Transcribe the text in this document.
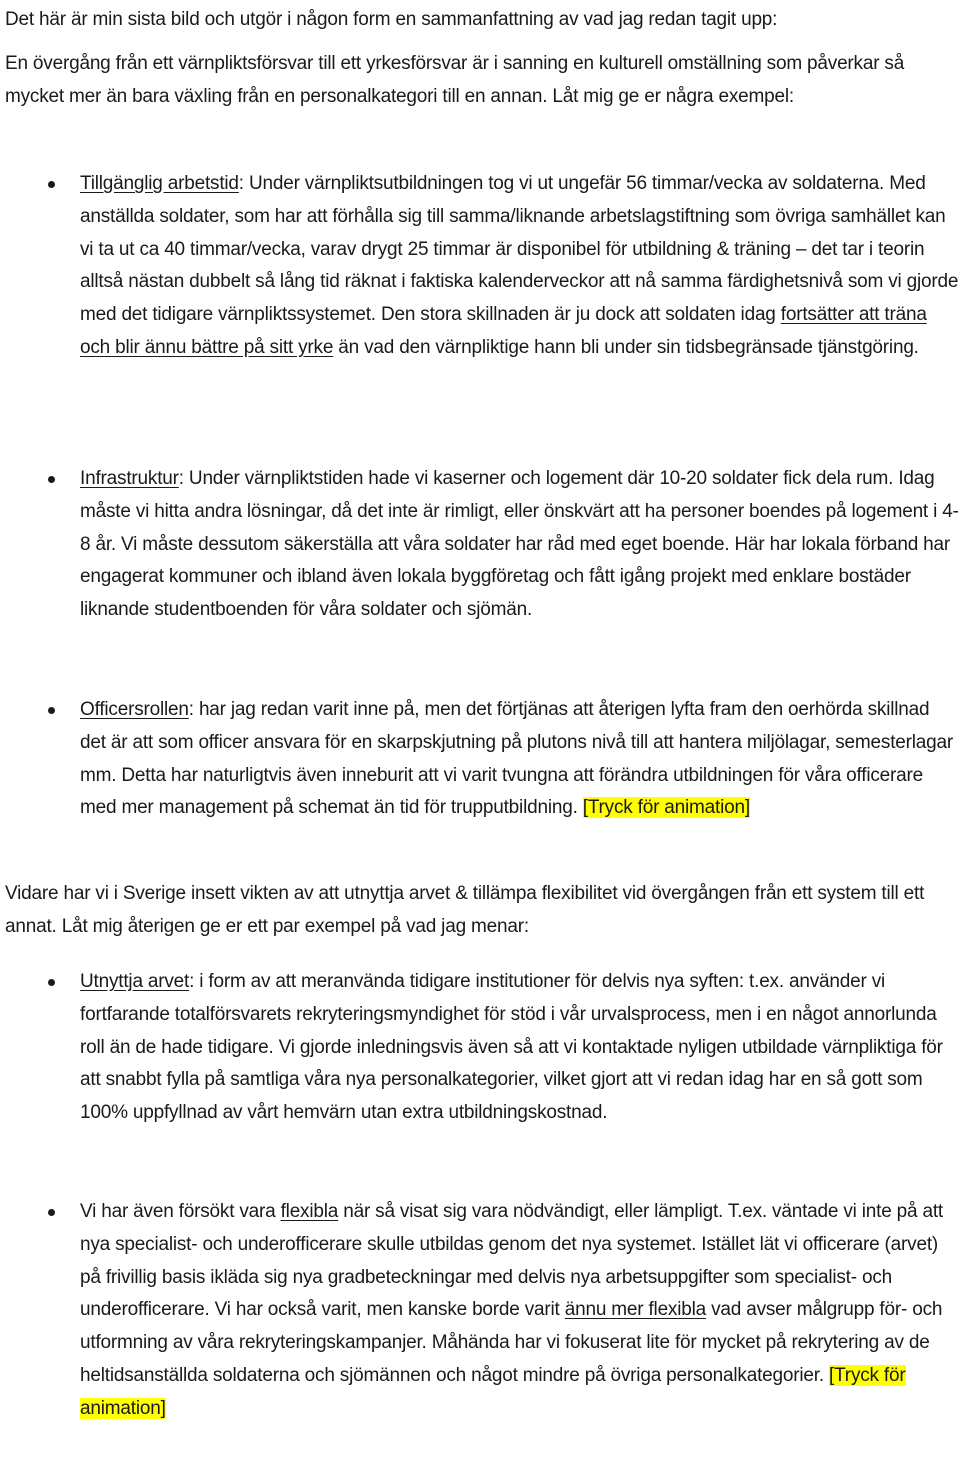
Det här är min sista bild och utgör i någon form en sammanfattning av vad jag redan tagit upp:

En övergång från ett värnpliktsförsvar till ett yrkesförsvar är i sanning en kulturell omställning som påverkar så mycket mer än bara växling från en personalkategori till en annan. Låt mig ge er några exempel:

Tillgänglig arbetstid: Under värnpliktsutbildningen tog vi ut ungefär 56 timmar/vecka av soldaterna. Med anställda soldater, som har att förhålla sig till samma/liknande arbetslagstiftning som övriga samhället kan vi ta ut ca 40 timmar/vecka, varav drygt 25 timmar är disponibel för utbildning & träning – det tar i teorin alltså nästan dubbelt så lång tid räknat i faktiska kalenderveckor att nå samma färdighetsnivå som vi gjorde med det tidigare värnpliktssystemet. Den stora skillnaden är ju dock att soldaten idag fortsätter att träna och blir ännu bättre på sitt yrke än vad den värnpliktige hann bli under sin tidsbegränsade tjänstgöring.

Infrastruktur: Under värnpliktstiden hade vi kaserner och logement där 10-20 soldater fick dela rum. Idag måste vi hitta andra lösningar, då det inte är rimligt, eller önskvärt att ha personer boendes på logement i 4-8 år. Vi måste dessutom säkerställa att våra soldater har råd med eget boende. Här har lokala förband har engagerat kommuner och ibland även lokala byggföretag och fått igång projekt med enklare bostäder liknande studentboenden för våra soldater och sjömän.

Officersrollen: har jag redan varit inne på, men det förtjänas att återigen lyfta fram den oerhörda skillnad det är att som officer ansvara för en skarpskjutning på plutons nivå till att hantera miljölagar, semesterlagar mm. Detta har naturligtvis även inneburit att vi varit tvungna att förändra utbildningen för våra officerare med mer management på schemat än tid för trupputbildning. [Tryck för animation]

Vidare har vi i Sverige insett vikten av att utnyttja arvet & tillämpa flexibilitet vid övergången från ett system till ett annat. Låt mig återigen ge er ett par exempel på vad jag menar:

Utnyttja arvet: i form av att meranvända tidigare institutioner för delvis nya syften: t.ex. använder vi fortfarande totalförsvarets rekryteringsmyndighet för stöd i vår urvalsprocess, men i en något annorlunda roll än de hade tidigare. Vi gjorde inledningsvis även så att vi kontaktade nyligen utbildade värnpliktiga för att snabbt fylla på samtliga våra nya personalkategorier, vilket gjort att vi redan idag har en så gott som 100% uppfyllnad av vårt hemvärn utan extra utbildningskostnad.

Vi har även försökt vara flexibla när så visat sig vara nödvändigt, eller lämpligt. T.ex. väntade vi inte på att nya specialist- och underofficerare skulle utbildas genom det nya systemet. Istället lät vi officerare (arvet) på frivillig basis ikläda sig nya gradbeteckningar med delvis nya arbetsuppgifter som specialist- och underofficerare. Vi har också varit, men kanske borde varit ännu mer flexibla vad avser målgrupp för- och utformning av våra rekryteringskampanjer. Måhända har vi fokuserat lite för mycket på rekrytering av de heltidsanställda soldaterna och sjömännen och något mindre på övriga personalkategorier. [Tryck för animation]
